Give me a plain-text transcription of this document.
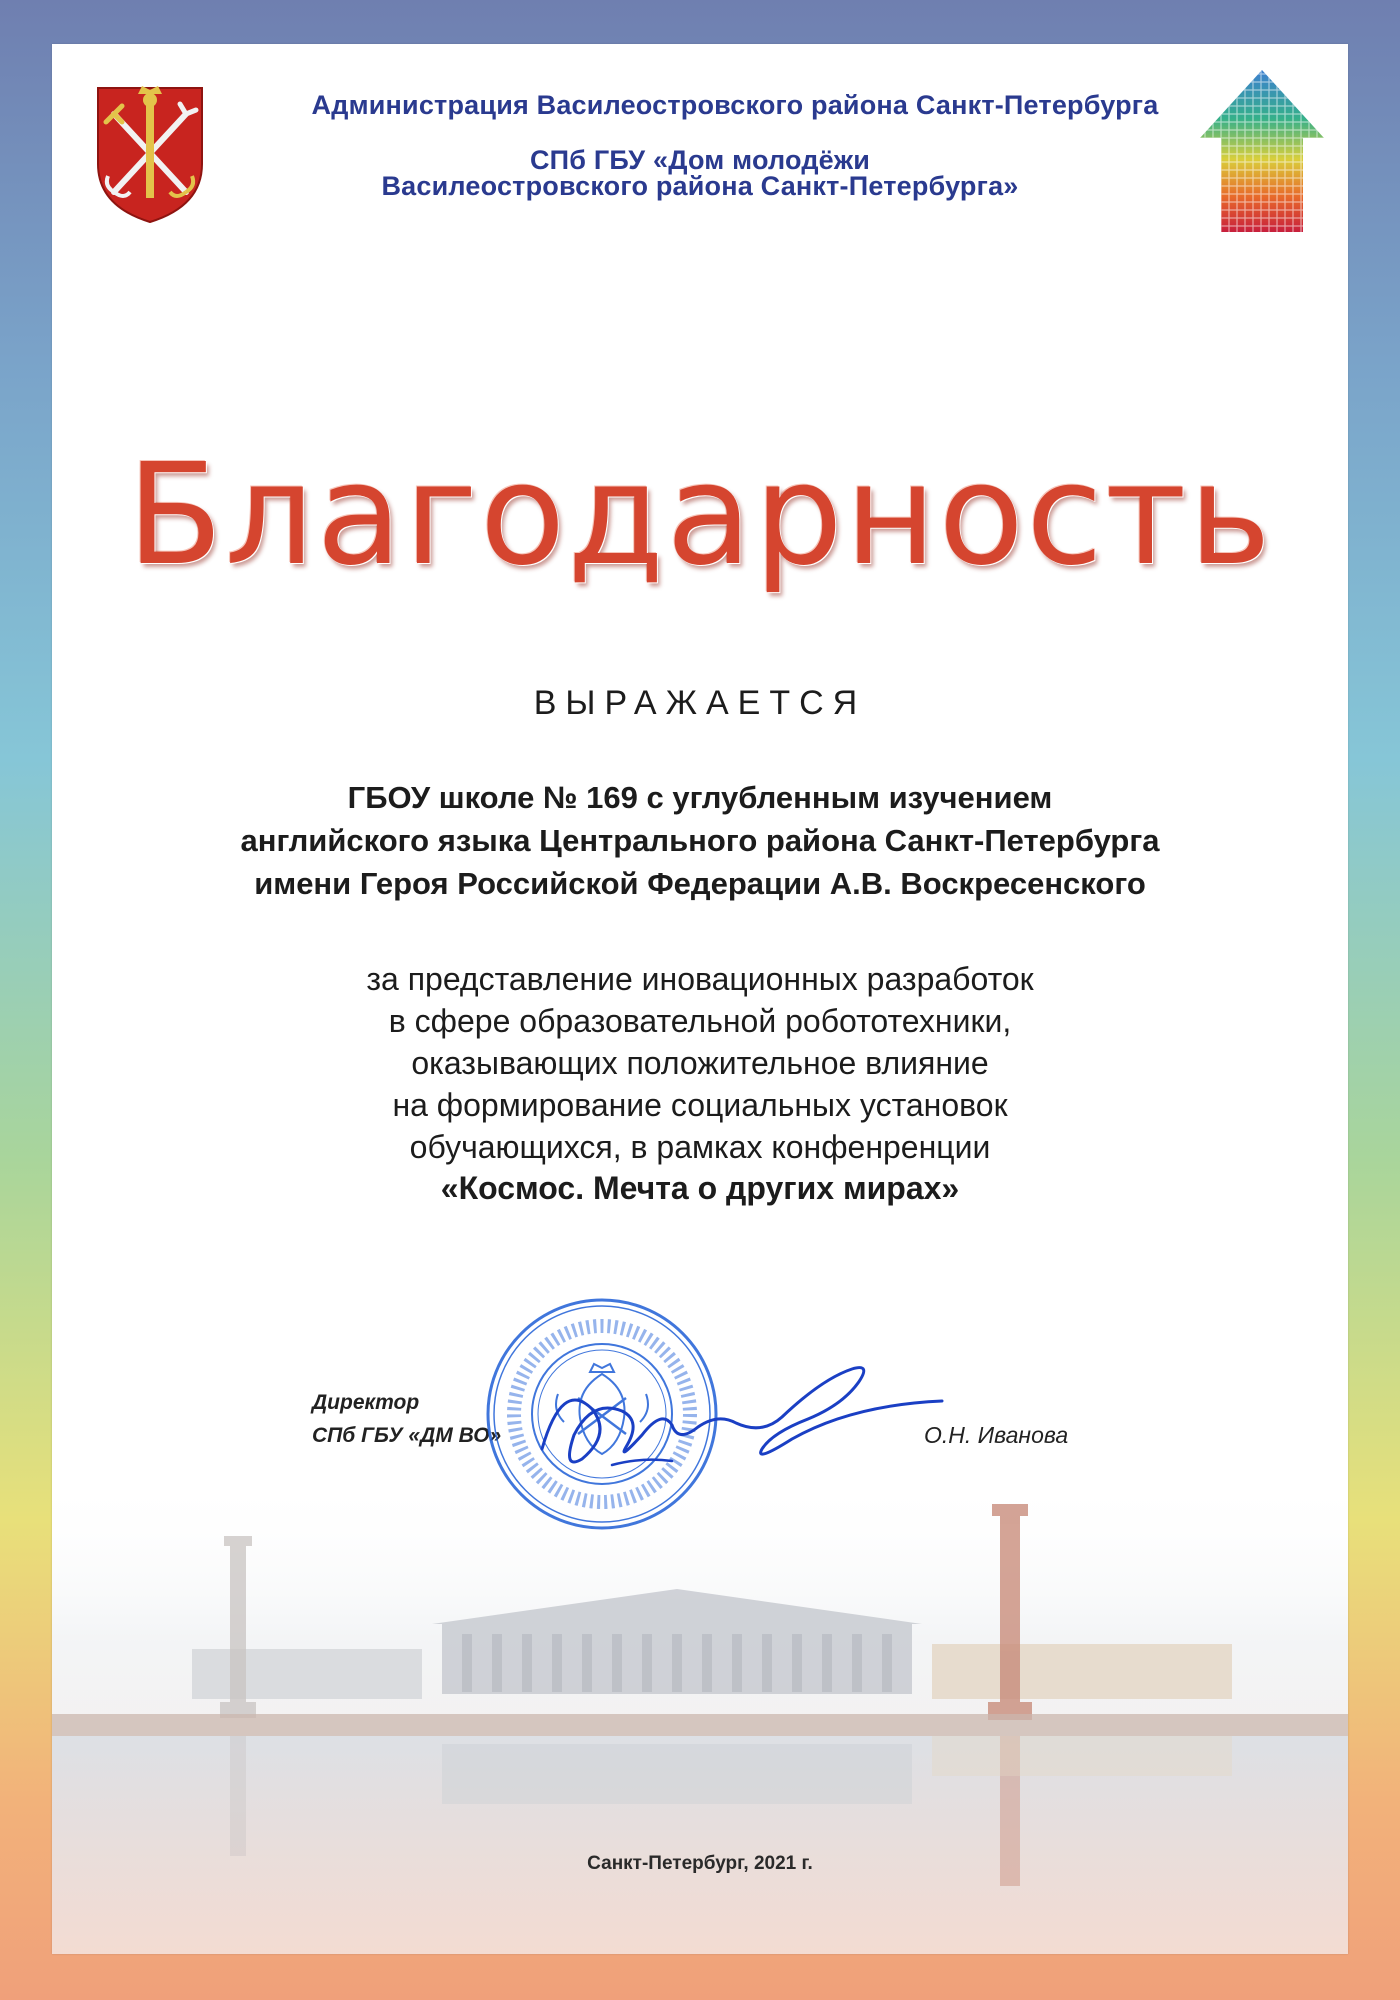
Администрация Василеостровского района Санкт-Петербурга
СПб ГБУ «Дом молодёжи
Василеостровского района Санкт-Петербурга»
Благодарность
ВЫРАЖАЕТСЯ
ГБОУ школе № 169 с углубленным изучением
английского языка Центрального района Санкт-Петербурга
имени Героя Российской Федерации А.В. Воскресенского
за представление иновационных разработок
в сфере образовательной робототехники,
оказывающих положительное влияние
на формирование социальных установок
обучающихся, в рамках конфенренции
«Космос. Мечта о других мирах»
Директор
СПб ГБУ «ДМ ВО»	О.Н. Иванова
Санкт-Петербург, 2021 г.
